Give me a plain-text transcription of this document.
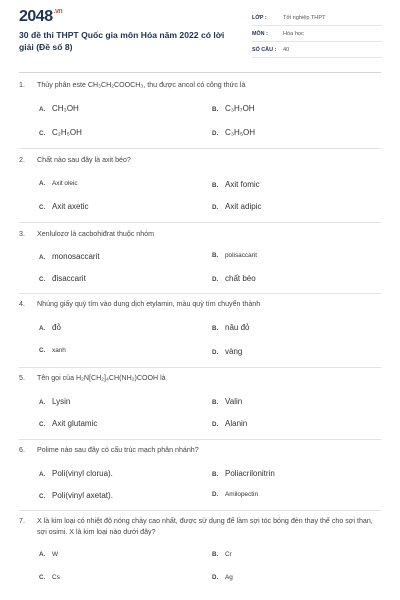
$2048^{.vn}$
30 đề thi THPT Quốc gia môn Hóa năm 2022 có lời giải (Đề số 8)
LỚP :	Tốt nghiệp THPT
MÔN :	Hóa học
SỐ CÂU :	40
1.	Thủy phân este CH₃CH₂COOCH₃, thu được ancol có công thức là
A. CH₃OH	B. C₃H₇OH
C. C₂H₅OH	D. C₃H₅OH
2.	Chất nào sau đây là axit béo?
A.	Axit oleic	B. Axit fomic
C. Axit axetic	D. Axit adipic
3.	Xenlulozơ là cacbohiđrat thuộc nhóm
A. monosaccarit	B.	polisaccarit
C. đisaccarit	D. chất béo
4.	Nhúng giấy quỳ tím vào dung dịch etylamin, màu quỳ tím chuyển thành
A. đỏ	B. nâu đỏ
C.	xanh	D. vàng
5.	Tên gọi của H₂N[CH₂]₄CH(NH₂)COOH là
A. Lysin	B. Valin
C. Axit glutamic	D. Alanin
6.	Polime nào sau đây có cấu trúc mạch phân nhánh?
A. Poli(vinyl clorua).	B. Poliacrilonitrin
C. Poli(vinyl axetat).	D.	Amilopectin
7.	X là kim loại có nhiệt độ nóng chảy cao nhất, được sử dụng để làm sợi tóc bóng đèn thay thế cho sợi than, sợi osimi. X là kim loại nào dưới đây?
A.	W	B.	Cr
C.	Cs	D.	Ag
